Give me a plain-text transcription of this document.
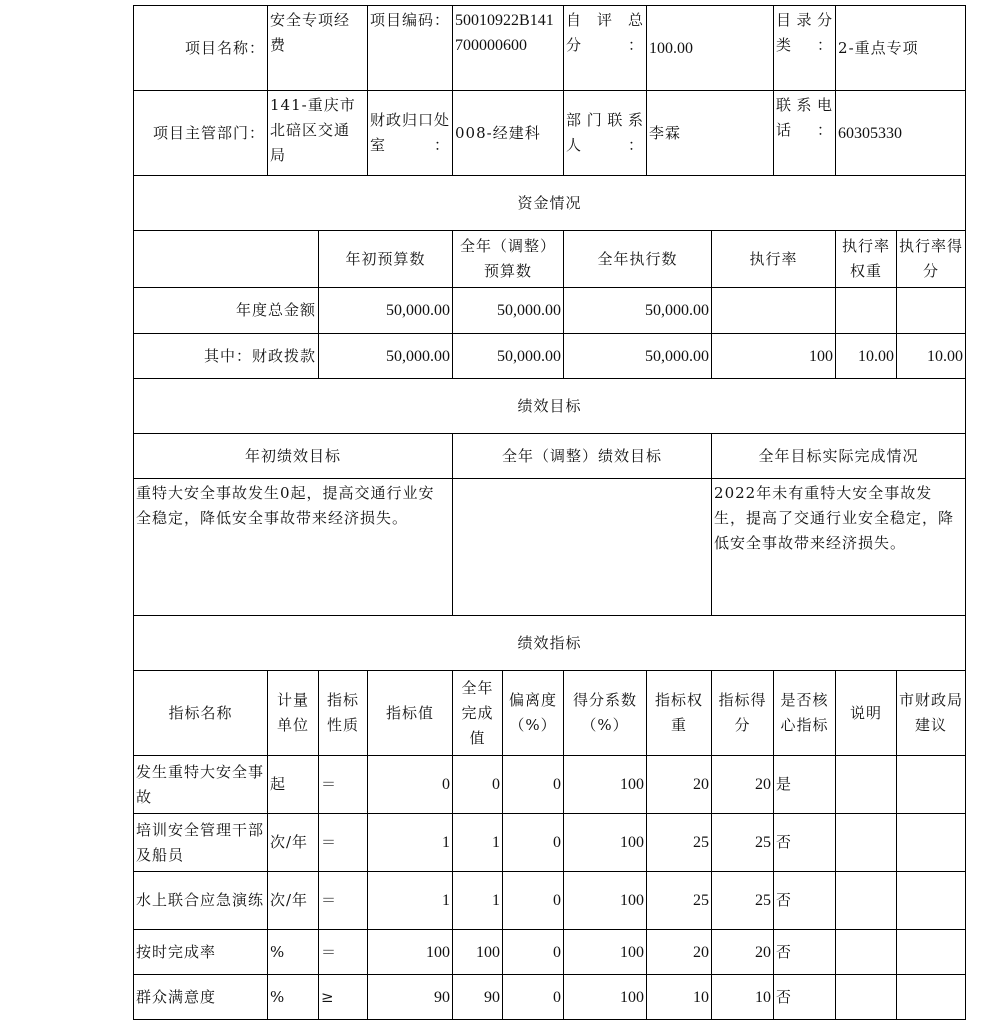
项目名称：	安全专项经费		项目编码：	50010922B141700000600		自评总分：	100.00		目录分类：	2-重点专项	
项目主管部门：	141-重庆市北碚区交通局		财政归口处室：	008-经建科		部门联系人：	李霖		联系电话：	60305330	
资金情况											
		年初预算数		全年（调整）预算数		全年执行数		执行率		执行率权重	执行率得分
年度总金额		50,000.00		50,000.00		50,000.00					
其中：财政拨款		50,000.00		50,000.00		50,000.00		100		10.00	10.00
绩效目标											
年初绩效目标				全年（调整）绩效目标				全年目标实际完成情况			
重特大安全事故发生0起，提高交通行业安全稳定，降低安全事故带来经济损失。								2022年未有重特大安全事故发生，提高了交通行业安全稳定，降低安全事故带来经济损失。			
绩效指标											
指标名称	计量单位	指标性质	指标值	全年完成值	偏离度（%）	得分系数（%）	指标权重	指标得分	是否核心指标	说明	市财政局建议
发生重特大安全事故	起	＝	0	0	0	100	20	20	是		
培训安全管理干部及船员	次/年	＝	1	1	0	100	25	25	否		
水上联合应急演练	次/年	＝	1	1	0	100	25	25	否		
按时完成率	%	＝	100	100	0	100	20	20	否		
群众满意度	%	≥	90	90	0	100	10	10	否		
